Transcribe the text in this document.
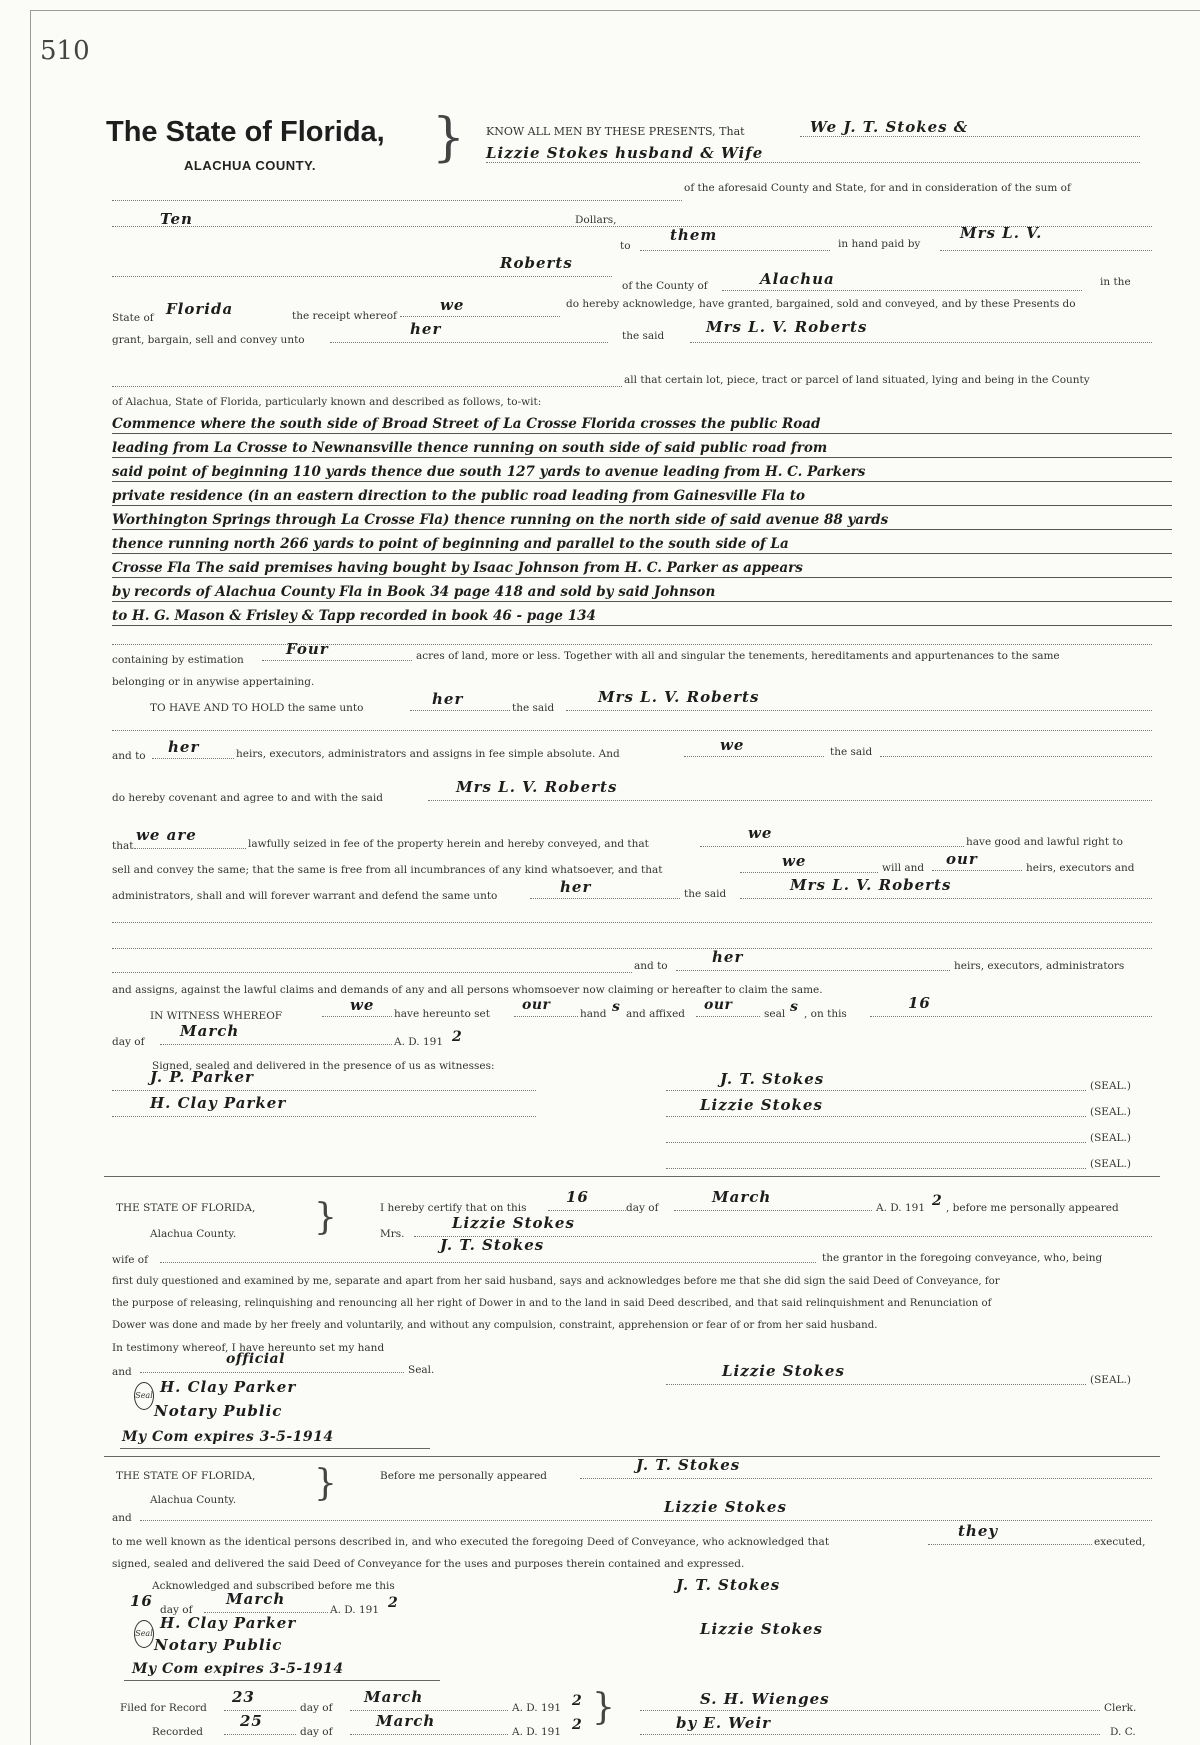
510
The State of Florida,
ALACHUA COUNTY. } KNOW ALL MEN BY THESE PRESENTS, That	We J. T. Stokes &
Lizzie Stokes husband & Wife
of the aforesaid County and State, for and in consideration of the sum of
Ten	Dollars,
to
them	in hand paid by
Mrs L. V.
Roberts
of the County of	Alachua	in the
State of Florida	the receipt whereof
we	do hereby acknowledge, have granted, bargained, sold and conveyed, and by these Presents do
grant, bargain, sell and convey unto
her	the said	Mrs L. V. Roberts
all that certain lot, piece, tract or parcel of land situated, lying and being in the County
of Alachua, State of Florida, particularly known and described as follows, to-wit:
Commence where the south side of Broad Street of La Crosse Florida crosses the public Road
leading from La Crosse to Newnansville thence running on south side of said public road from
said point of beginning 110 yards thence due south 127 yards to avenue leading from H. C. Parkers
private residence (in an eastern direction to the public road leading from Gainesville Fla to
Worthington Springs through La Crosse Fla) thence running on the north side of said avenue 88 yards
thence running north 266 yards to point of beginning and parallel to the south side of La
Crosse Fla The said premises having bought by Isaac Johnson from H. C. Parker as appears
by records of Alachua County Fla in Book 34 page 418 and sold by said Johnson
to H. G. Mason & Frisley & Tapp recorded in book 46 - page 134
containing by estimation
Four	acres of land, more or less. Together with all and singular the tenements, hereditaments and appurtenances to the same
belonging or in anywise appertaining.
TO HAVE AND TO HOLD the same unto	her	the said
Mrs L. V. Roberts
and to her	heirs, executors, administrators and assigns in fee simple absolute. And	we	the said
do hereby covenant and agree to and with the said
Mrs L. V. Roberts
that
we are	lawfully seized in fee of the property herein and hereby conveyed, and that
we	have good and lawful right to
sell and convey the same; that the same is free from all incumbrances of any kind whatsoever, and that	we	will and our	heirs, executors and
administrators, shall and will forever warrant and defend the same unto	her	the said	Mrs L. V. Roberts
and to	her	heirs, executors, administrators
and assigns, against the lawful claims and demands of any and all persons whomsoever now claiming or hereafter to claim the same.
IN WITNESS WHEREOF
we have hereunto set
our
hand s and affixed
our
seal s , on this
16
day of
March
A. D. 191 2
Signed, sealed and delivered in the presence of us as witnesses:
J. P. Parker
H. Clay Parker
J. T. Stokes	(SEAL.)
Lizzie Stokes	(SEAL.)
(SEAL.)
(SEAL.)
THE STATE OF FLORIDA,
Alachua County. }	I hereby certify that on this
16
day of
March
A. D. 191 2 , before me personally appeared
Mrs.
Lizzie Stokes
wife of
J. T. Stokes
the grantor in the foregoing conveyance, who, being
first duly questioned and examined by me, separate and apart from her said husband, says and acknowledges before me that she did sign the said Deed of Conveyance, for
the purpose of releasing, relinquishing and renouncing all her right of Dower in and to the land in said Deed described, and that said relinquishment and Renunciation of
Dower was done and made by her freely and voluntarily, and without any compulsion, constraint, apprehension or fear of or from her said husband.
In testimony whereof, I have hereunto set my hand
and
official
Seal.
Seal H. Clay Parker
Notary Public
My Com expires 3-5-1914
Lizzie Stokes	(SEAL.)
THE STATE OF FLORIDA,
Alachua County. }	Before me personally appeared
J. T. Stokes
and
Lizzie Stokes
to me well known as the identical persons described in, and who executed the foregoing Deed of Conveyance, who acknowledged that
they
executed,
signed, sealed and delivered the said Deed of Conveyance for the uses and purposes therein contained and expressed.
Acknowledged and subscribed before me this
16 day of
March
A. D. 191 2
Seal
H. Clay Parker
Notary Public
My Com expires 3-5-1914
J. T. Stokes
Lizzie Stokes
Filed for Record
23
day of
March
A. D. 191 2
Recorded
25
day of
March
A. D. 191 2 }	S. H. Wienges	Clerk.
by E. Weir	D. C.
